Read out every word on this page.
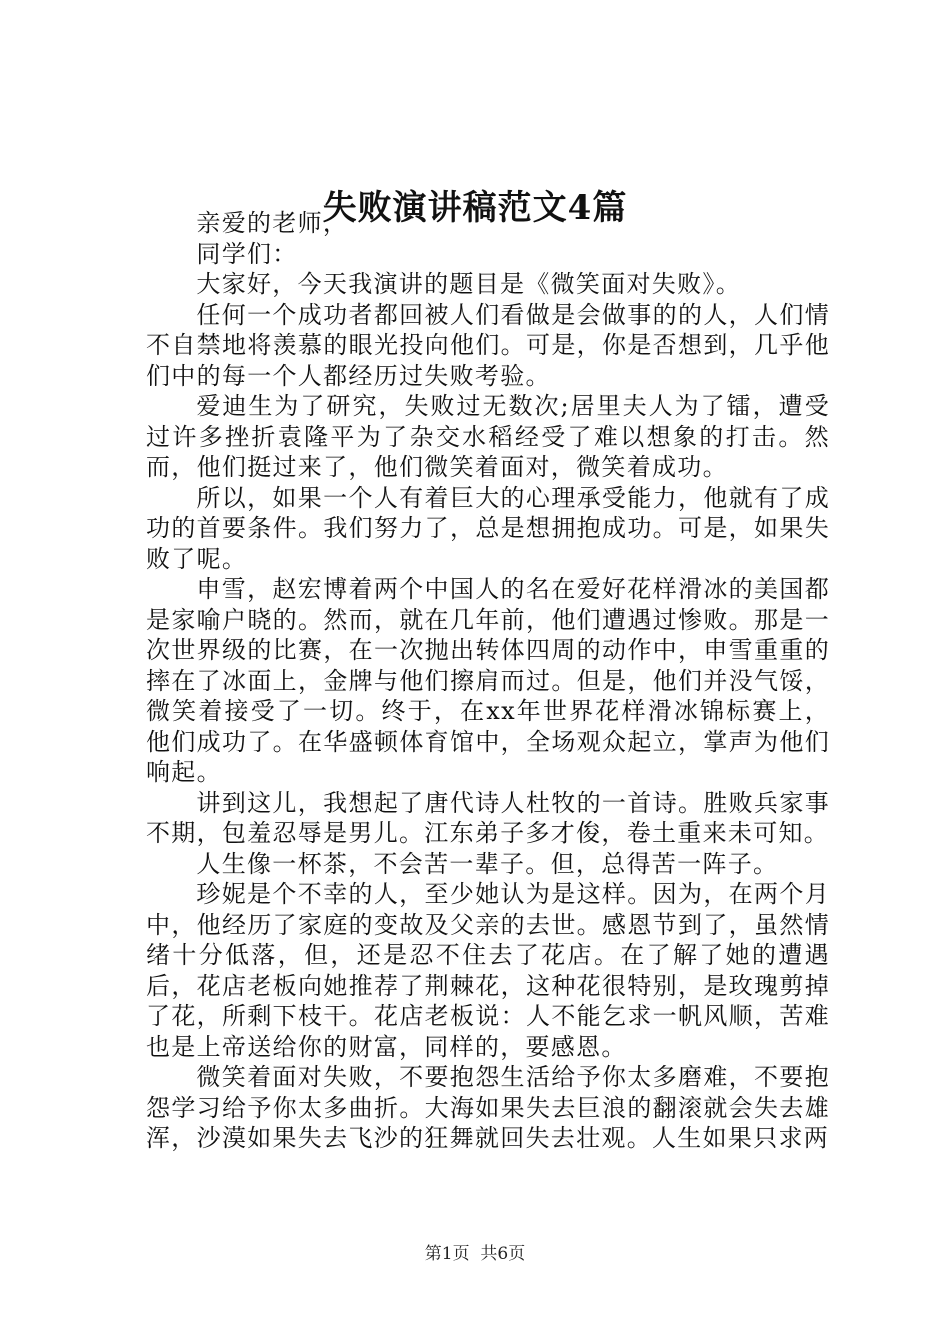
失败演讲稿范文4篇

亲爱的老师，

同学们：

大家好，今天我演讲的题目是《微笑面对失败》。

任何一个成功者都回被人们看做是会做事的的人，人们情不自禁地将羡慕的眼光投向他们。可是，你是否想到，几乎他们中的每一个人都经历过失败考验。

爱迪生为了研究，失败过无数次;居里夫人为了镭，遭受过许多挫折袁隆平为了杂交水稻经受了难以想象的打击。然而，他们挺过来了，他们微笑着面对，微笑着成功。

所以，如果一个人有着巨大的心理承受能力，他就有了成功的首要条件。我们努力了，总是想拥抱成功。可是，如果失败了呢。

申雪，赵宏博着两个中国人的名在爱好花样滑冰的美国都是家喻户晓的。然而，就在几年前，他们遭遇过惨败。那是一次世界级的比赛，在一次抛出转体四周的动作中，申雪重重的摔在了冰面上，金牌与他们擦肩而过。但是，他们并没气馁，微笑着接受了一切。终于，在xx年世界花样滑冰锦标赛上，他们成功了。在华盛顿体育馆中，全场观众起立，掌声为他们响起。

讲到这儿，我想起了唐代诗人杜牧的一首诗。胜败兵家事不期，包羞忍辱是男儿。江东弟子多才俊，卷土重来未可知。

人生像一杯茶，不会苦一辈子。但，总得苦一阵子。

珍妮是个不幸的人，至少她认为是这样。因为，在两个月中，他经历了家庭的变故及父亲的去世。感恩节到了，虽然情绪十分低落，但，还是忍不住去了花店。在了解了她的遭遇后，花店老板向她推荐了荆棘花，这种花很特别，是玫瑰剪掉了花，所剩下枝干。花店老板说：人不能乞求一帆风顺，苦难也是上帝送给你的财富，同样的，要感恩。

微笑着面对失败，不要抱怨生活给予你太多磨难，不要抱怨学习给予你太多曲折。大海如果失去巨浪的翻滚就会失去雄浑，沙漠如果失去飞沙的狂舞就回失去壮观。人生如果只求两

第1页 共6页
